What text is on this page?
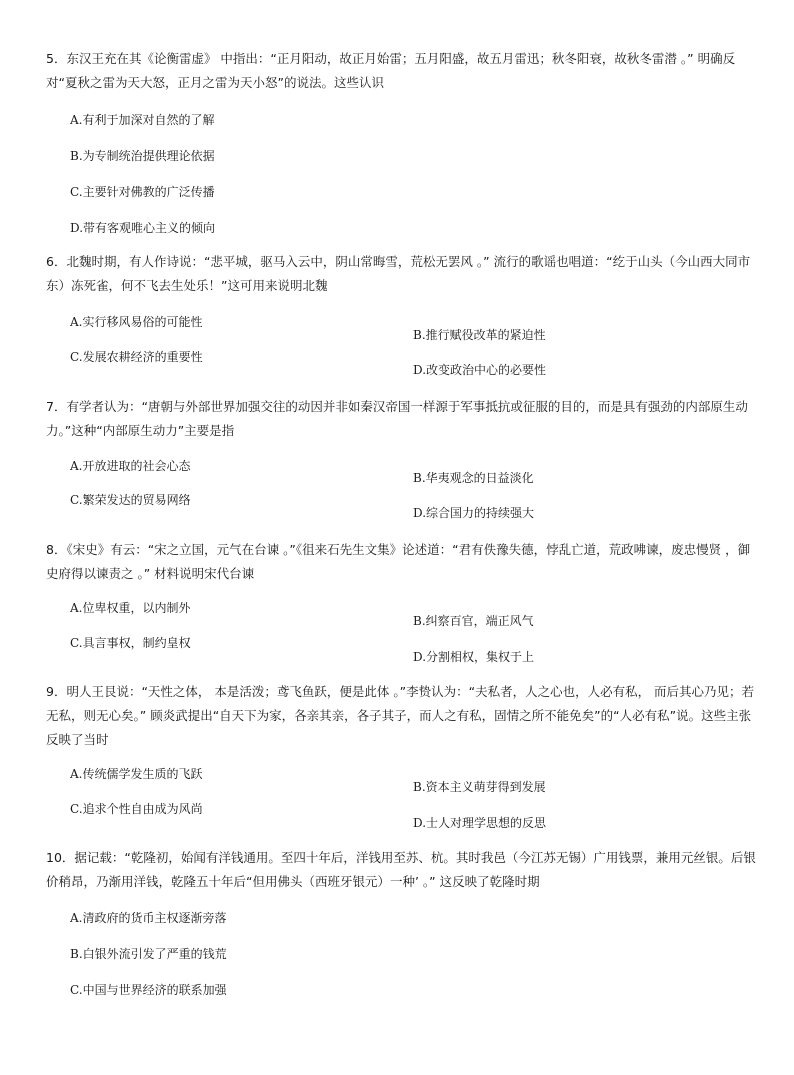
5．东汉王充在其《论衡雷虚》 中指出：“正月阳动，故正月始雷；五月阳盛，故五月雷迅；秋冬阳衰，故秋冬雷潜 。” 明确反对“夏秋之雷为天大怒，正月之雷为天小怒”的说法。这些认识
A.有利于加深对自然的了解
B.为专制统治提供理论依据
C.主要针对佛教的广泛传播
D.带有客观唯心主义的倾向
6．北魏时期，有人作诗说：“悲平城，驱马入云中，阴山常晦雪，荒松无罢风 。” 流行的歌谣也唱道：“纥于山头（今山西大同市东）冻死雀，何不飞去生处乐！”这可用来说明北魏
A.实行移风易俗的可能性
B.推行赋役改革的紧迫性
C.发展农耕经济的重要性
D.改变政治中心的必要性
7．有学者认为：“唐朝与外部世界加强交往的动因并非如秦汉帝国一样源于军事抵抗或征服的目的，而是具有强劲的内部原生动力。”这种“内部原生动力”主要是指
A.开放进取的社会心态
B.华夷观念的日益淡化
C.繁荣发达的贸易网络
D.综合国力的持续强大
8．《宋史》有云：“宋之立国，元气在台谏 。”《徂来石先生文集》论述道：“君有佚豫失德，悖乱亡道，荒政咈谏，废忠慢贤 ，御史府得以谏责之 。” 材料说明宋代台谏
A.位卑权重，以内制外
B.纠察百官，端正风气
C.具言事权，制约皇权
D.分割相权，集权于上
9．明人王艮说：“天性之体， 本是活泼；鸢飞鱼跃，便是此体 。”李贽认为：“夫私者，人之心也，人必有私， 而后其心乃见；若无私，则无心矣。” 顾炎武提出“自天下为家，各亲其亲，各子其子，而人之有私，固情之所不能免矣”的“人必有私”说。这些主张反映了当时
A.传统儒学发生质的飞跃
B.资本主义萌芽得到发展
C.追求个性自由成为风尚
D.士人对理学思想的反思
10．据记载：“乾隆初，始闻有洋钱通用。至四十年后，洋钱用至苏、杭。其时我邑（今江苏无锡）广用钱票，兼用元丝银。后银价稍昂，乃渐用洋钱，乾隆五十年后“但用佛头（西班牙银元）一种’ 。” 这反映了乾隆时期
A.清政府的货币主权逐渐旁落
B.白银外流引发了严重的钱荒
C.中国与世界经济的联系加强
